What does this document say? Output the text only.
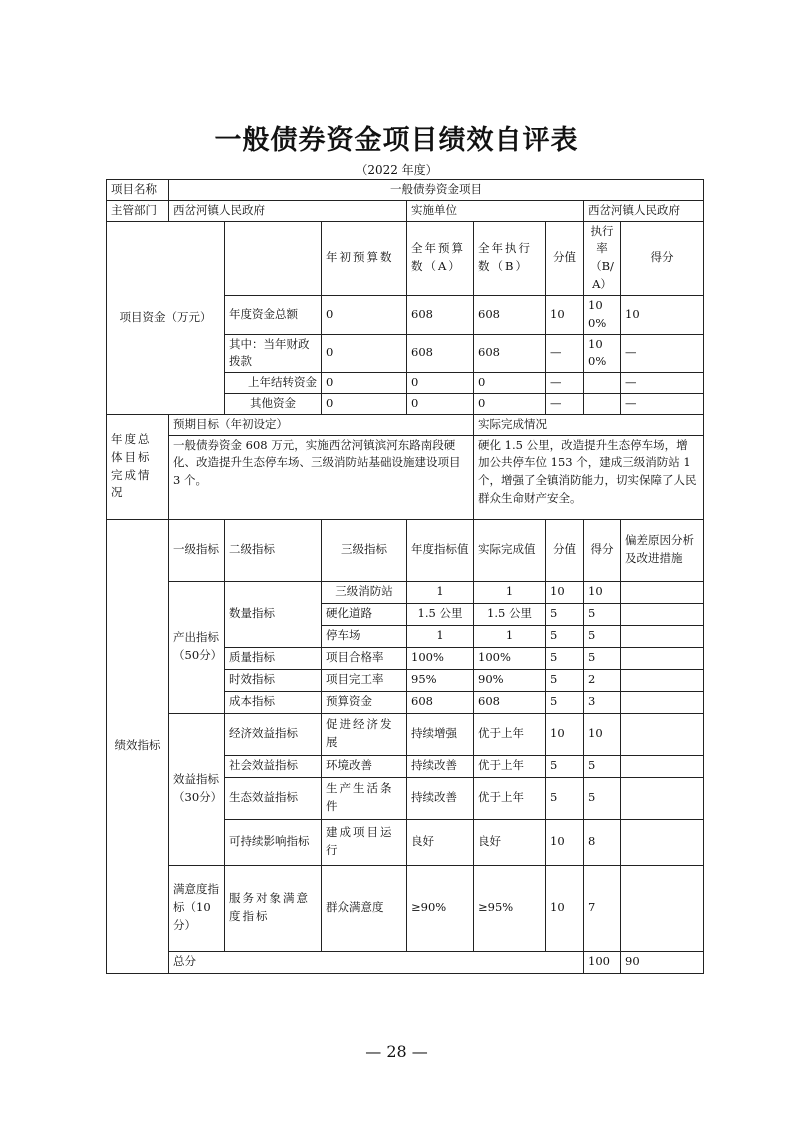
一般债券资金项目绩效自评表
（2022 年度）
项目名称	一般债券资金项目								
主管部门	西岔河镇人民政府			实施单位			西岔河镇人民政府		
项目资金（万元）			年初预算数	全年预算数（A）	全年执行数（B）	分值	执行率（B/A）	得分	
		年度资金总额	0	608	608	10	100%	10	
		其中：当年财政拨款	0	608	608	—	100%	—	
		上年结转资金	0	0	0	—		—	
		其他资金	0	0	0	—		—	
年度总体目标完成情况	预期目标（年初设定）				实际完成情况				
	一般债券资金 608 万元，实施西岔河镇滨河东路南段硬化、改造提升生态停车场、三级消防站基础设施建设项目 3 个。				硬化 1.5 公里，改造提升生态停车场，增加公共停车位 153 个，建成三级消防站 1 个，增强了全镇消防能力，切实保障了人民群众生命财产安全。				
绩效指标	一级指标	二级指标	三级指标	年度指标值	实际完成值	分值	得分	偏差原因分析及改进措施	
	产出指标（50分）	数量指标	三级消防站	1	1	10	10		
			硬化道路	1.5 公里	1.5 公里	5	5		
			停车场	1	1	5	5		
		质量指标	项目合格率	100%	100%	5	5		
		时效指标	项目完工率	95%	90%	5	2		
		成本指标	预算资金	608	608	5	3		
	效益指标（30分）	经济效益指标	促进经济发展	持续增强	优于上年	10	10		
		社会效益指标	环境改善	持续改善	优于上年	5	5		
		生态效益指标	生产生活条件	持续改善	优于上年	5	5		
		可持续影响指标	建成项目运行	良好	良好	10	8		
	满意度指标（10分）	服务对象满意度指标	群众满意度	≥90%	≥95%	10	7		
	总分						100	90	
— 28 —
